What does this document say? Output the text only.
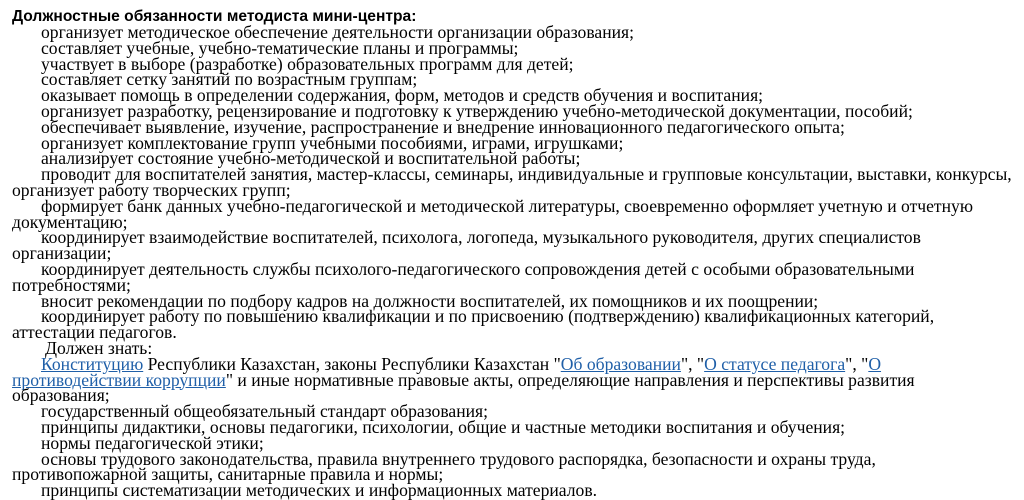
Должностные обязанности методиста мини-центра:
организует методическое обеспечение деятельности организации образования;
составляет учебные, учебно-тематические планы и программы;
участвует в выборе (разработке) образовательных программ для детей;
составляет сетку занятий по возрастным группам;
оказывает помощь в определении содержания, форм, методов и средств обучения и воспитания;
организует разработку, рецензирование и подготовку к утверждению учебно-методической документации, пособий;
обеспечивает выявление, изучение, распространение и внедрение инновационного педагогического опыта;
организует комплектование групп учебными пособиями, играми, игрушками;
анализирует состояние учебно-методической и воспитательной работы;
проводит для воспитателей занятия, мастер-классы, семинары, индивидуальные и групповые консультации, выставки, конкурсы, организует работу творческих групп;
формирует банк данных учебно-педагогической и методической литературы, своевременно оформляет учетную и отчетную документацию;
координирует взаимодействие воспитателей, психолога, логопеда, музыкального руководителя, других специалистов организации;
координирует деятельность службы психолого-педагогического сопровождения детей с особыми образовательными потребностями;
вносит рекомендации по подбору кадров на должности воспитателей, их помощников и их поощрении;
координирует работу по повышению квалификации и по присвоению (подтверждению) квалификационных категорий, аттестации педагогов.
Должен знать:
Конституцию Республики Казахстан, законы Республики Казахстан "Об образовании", "О статусе педагога", "О противодействии коррупции" и иные нормативные правовые акты, определяющие направления и перспективы развития образования;
государственный общеобязательный стандарт образования;
принципы дидактики, основы педагогики, психологии, общие и частные методики воспитания и обучения;
нормы педагогической этики;
основы трудового законодательства, правила внутреннего трудового распорядка, безопасности и охраны труда, противопожарной защиты, санитарные правила и нормы;
принципы систематизации методических и информационных материалов.
